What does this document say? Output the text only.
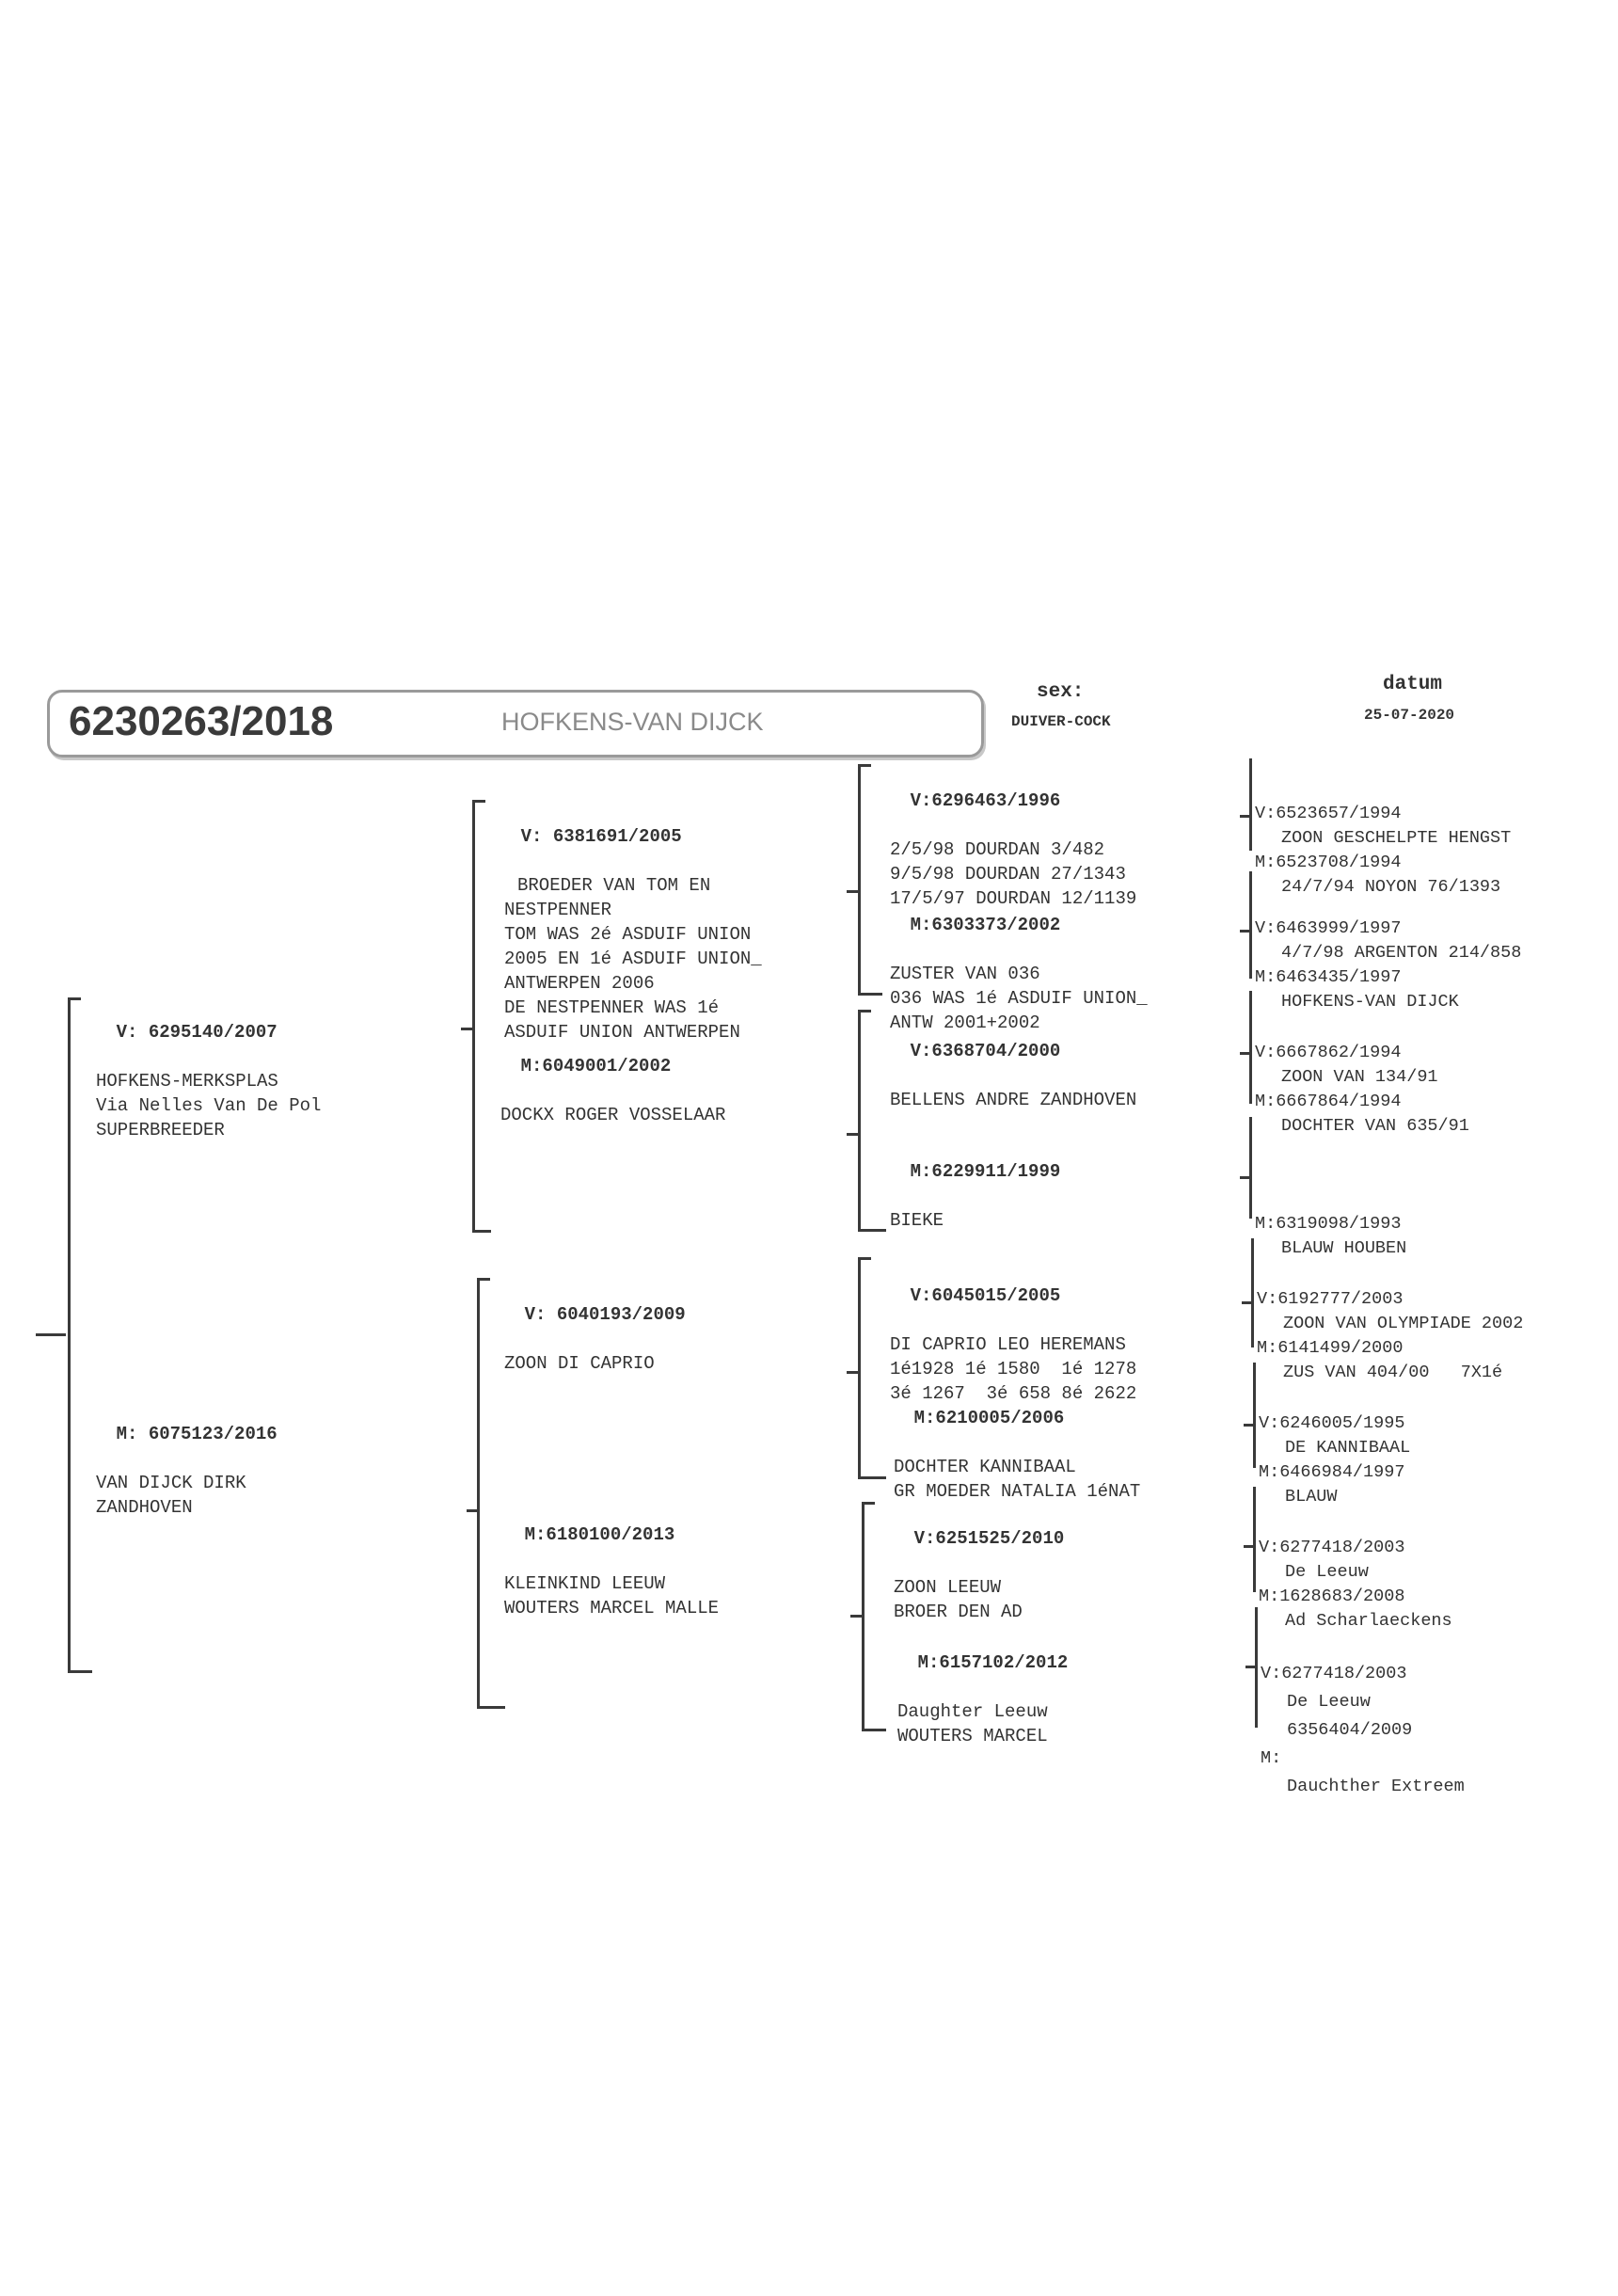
6230263/2018	HOFKENS-VAN DIJCK
sex:
DUIVER-COCK
datum
25-07-2020

V: 6295140/2007

HOFKENS-MERKSPLAS
Via Nelles Van De Pol
SUPERBREEDER

M: 6075123/2016

VAN DIJCK DIRK
ZANDHOVEN

V: 6381691/2005

BROEDER VAN TOM EN
NESTPENNER
TOM WAS 2é ASDUIF UNION
2005 EN 1é ASDUIF UNION_
ANTWERPEN 2006
DE NESTPENNER WAS 1é
ASDUIF UNION ANTWERPEN

M:6049001/2002

DOCKX ROGER VOSSELAAR

V: 6040193/2009

ZOON DI CAPRIO

M:6180100/2013

KLEINKIND LEEUW
WOUTERS MARCEL MALLE

V:6296463/1996

2/5/98 DOURDAN 3/482
9/5/98 DOURDAN 27/1343
17/5/97 DOURDAN 12/1139

M:6303373/2002

ZUSTER VAN 036
036 WAS 1é ASDUIF UNION_
ANTW 2001+2002

V:6368704/2000

BELLENS ANDRE ZANDHOVEN

M:6229911/1999

BIEKE

V:6045015/2005

DI CAPRIO LEO HEREMANS
1é1928 1é 1580  1é 1278
3é 1267  3é 658 8é 2622

M:6210005/2006

DOCHTER KANNIBAAL
GR MOEDER NATALIA 1éNAT

V:6251525/2010

ZOON LEEUW
BROER DEN AD

M:6157102/2012

Daughter Leeuw
WOUTERS MARCEL

V:6523657/1994
ZOON GESCHELPTE HENGST
M:6523708/1994
24/7/94 NOYON 76/1393

V:6463999/1997
4/7/98 ARGENTON 214/858
M:6463435/1997
HOFKENS-VAN DIJCK

V:6667862/1994
ZOON VAN 134/91
M:6667864/1994
DOCHTER VAN 635/91

M:6319098/1993
BLAUW HOUBEN

V:6192777/2003
ZOON VAN OLYMPIADE 2002
M:6141499/2000
ZUS VAN 404/00   7X1é

V:6246005/1995
DE KANNIBAAL
M:6466984/1997
BLAUW

V:6277418/2003
De Leeuw
M:1628683/2008
Ad Scharlaeckens

V:6277418/2003
De Leeuw
6356404/2009
M:
Dauchther Extreem
